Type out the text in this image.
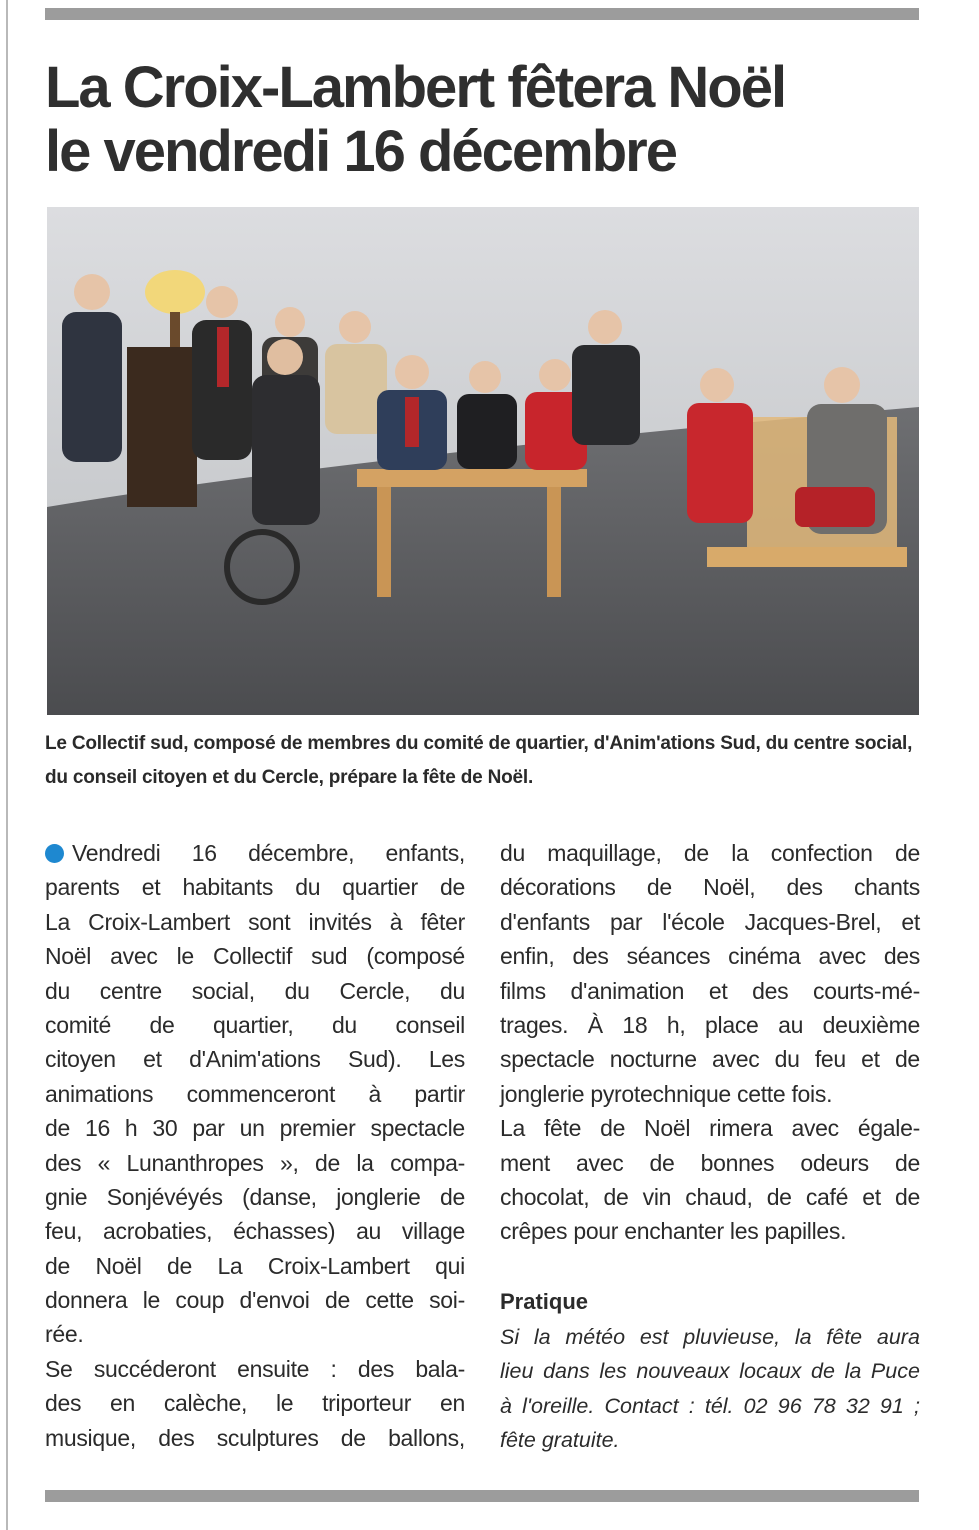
La Croix-Lambert fêtera Noël
le vendredi 16 décembre

Le Collectif sud, composé de membres du comité de quartier, d'Anim'ations Sud, du centre social, du conseil citoyen et du Cercle, prépare la fête de Noël.

Vendredi 16 décembre, enfants,
parents et habitants du quartier de
La Croix-Lambert sont invités à fêter
Noël avec le Collectif sud (composé
du centre social, du Cercle, du
comité de quartier, du conseil
citoyen et d'Anim'ations Sud). Les
animations commenceront à partir
de 16 h 30 par un premier spectacle
des « Lunanthropes », de la compa-
gnie Sonjévéyés (danse, jonglerie de
feu, acrobaties, échasses) au village
de Noël de La Croix-Lambert qui
donnera le coup d'envoi de cette soi-
rée.
Se succéderont ensuite : des bala-
des en calèche, le triporteur en
musique, des sculptures de ballons,
du maquillage, de la confection de
décorations de Noël, des chants
d'enfants par l'école Jacques-Brel, et
enfin, des séances cinéma avec des
films d'animation et des courts-mé-
trages. À 18 h, place au deuxième
spectacle nocturne avec du feu et de
jonglerie pyrotechnique cette fois.
La fête de Noël rimera avec égale-
ment avec de bonnes odeurs de
chocolat, de vin chaud, de café et de
crêpes pour enchanter les papilles.
Pratique
Si la météo est pluvieuse, la fête aura
lieu dans les nouveaux locaux de la Puce
à l'oreille. Contact : tél. 02 96 78 32 91 ;
fête gratuite.
